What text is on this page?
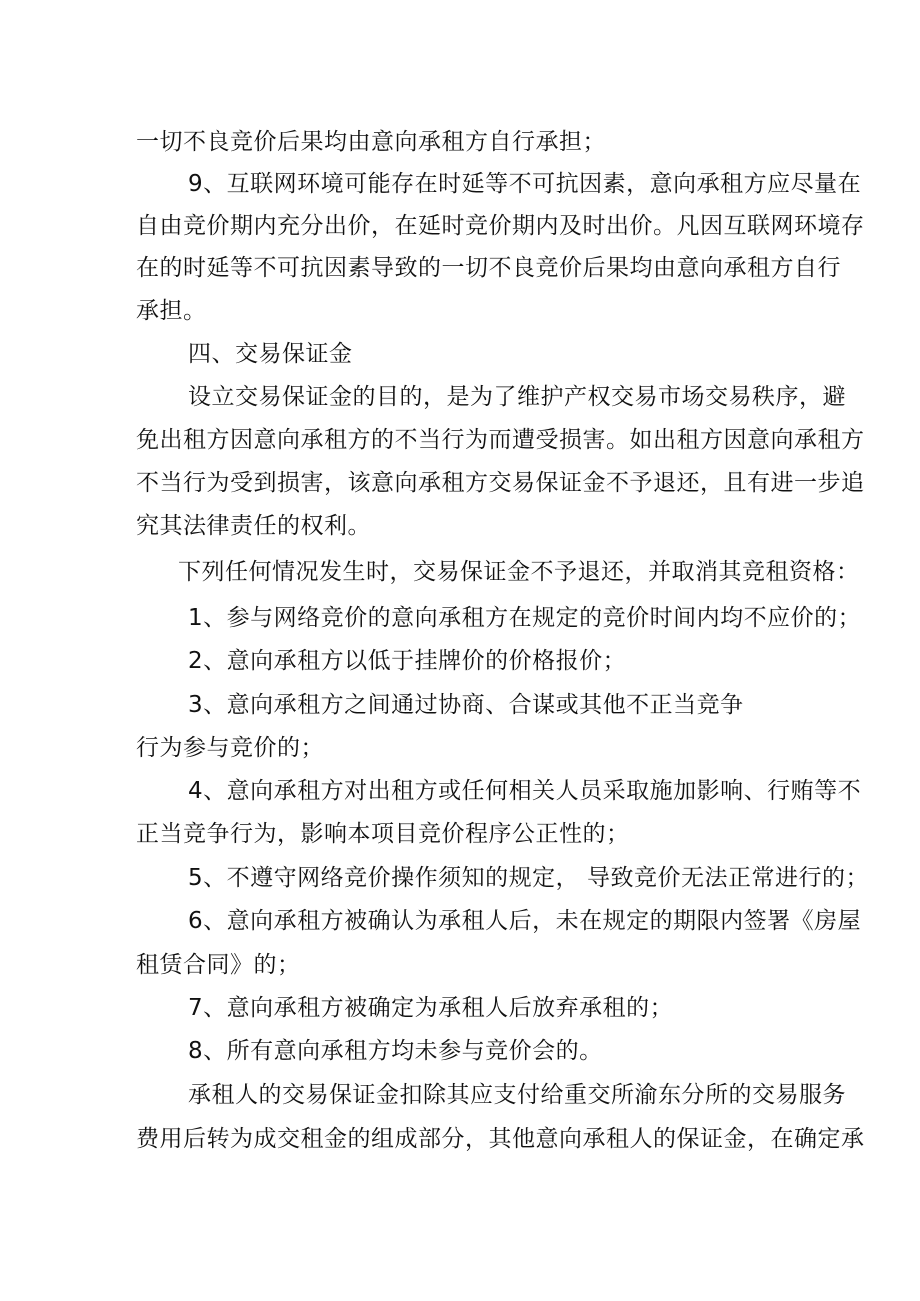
一切不良竞价后果均由意向承租方自行承担；
9、互联网环境可能存在时延等不可抗因素，意向承租方应尽量在
自由竞价期内充分出价，在延时竞价期内及时出价。凡因互联网环境存
在的时延等不可抗因素导致的一切不良竞价后果均由意向承租方自行
承担。
四、交易保证金
设立交易保证金的目的，是为了维护产权交易市场交易秩序，避
免出租方因意向承租方的不当行为而遭受损害。如出租方因意向承租方
不当行为受到损害，该意向承租方交易保证金不予退还，且有进一步追
究其法律责任的权利。
下列任何情况发生时，交易保证金不予退还，并取消其竞租资格：
1、参与网络竞价的意向承租方在规定的竞价时间内均不应价的；
2、意向承租方以低于挂牌价的价格报价；
3、意向承租方之间通过协商、合谋或其他不正当竞争
行为参与竞价的；
4、意向承租方对出租方或任何相关人员采取施加影响、行贿等不
正当竞争行为，影响本项目竞价程序公正性的；
5、不遵守网络竞价操作须知的规定， 导致竞价无法正常进行的；
6、意向承租方被确认为承租人后，未在规定的期限内签署《房屋
租赁合同》的；
7、意向承租方被确定为承租人后放弃承租的；
8、所有意向承租方均未参与竞价会的。
承租人的交易保证金扣除其应支付给重交所渝东分所的交易服务
费用后转为成交租金的组成部分，其他意向承租人的保证金，在确定承
